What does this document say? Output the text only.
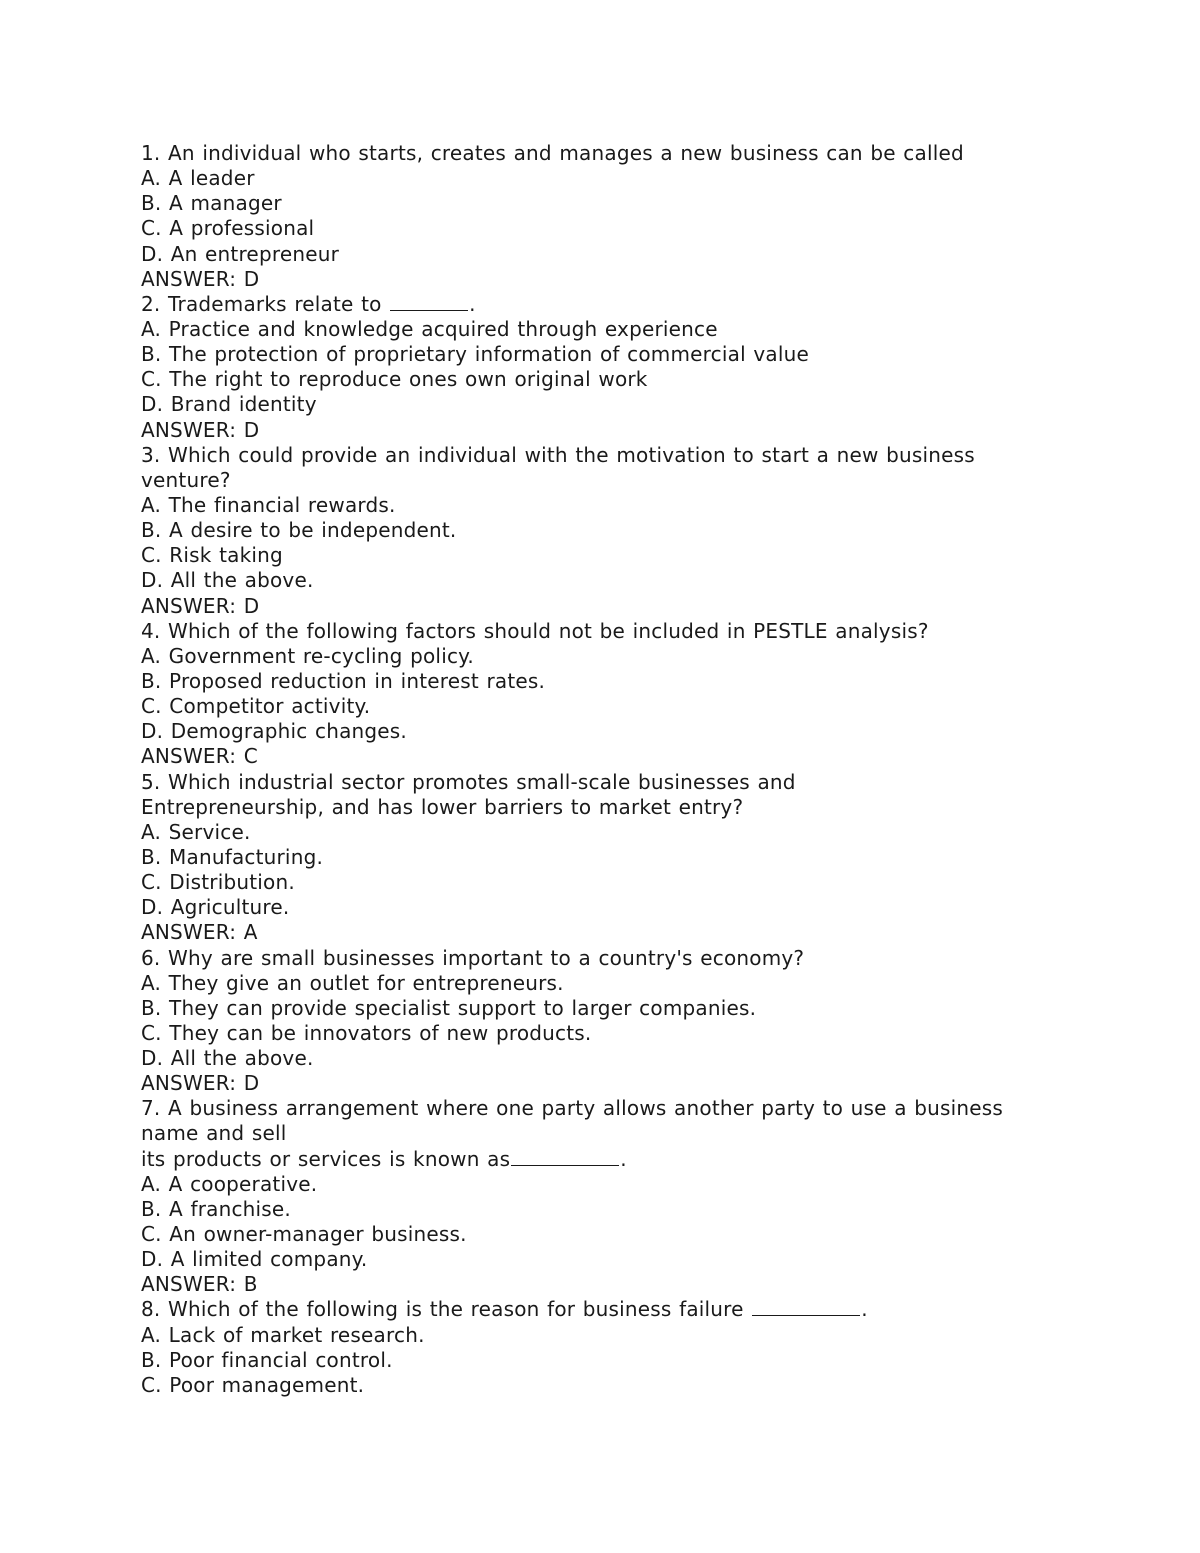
1. An individual who starts, creates and manages a new business can be called
A. A leader
B. A manager
C. A professional
D. An entrepreneur
ANSWER: D
2. Trademarks relate to	.
A. Practice and knowledge acquired through experience
B. The protection of proprietary information of commercial value
C. The right to reproduce ones own original work
D. Brand identity
ANSWER: D
3. Which could provide an individual with the motivation to start a new business
venture?
A. The financial rewards.
B. A desire to be independent.
C. Risk taking
D. All the above.
ANSWER: D
4. Which of the following factors should not be included in PESTLE analysis?
A. Government re-cycling policy.
B. Proposed reduction in interest rates.
C. Competitor activity.
D. Demographic changes.
ANSWER: C
5. Which industrial sector promotes small-scale businesses and
Entrepreneurship, and has lower barriers to market entry?
A. Service.
B. Manufacturing.
C. Distribution.
D. Agriculture.
ANSWER: A
6. Why are small businesses important to a country's economy?
A. They give an outlet for entrepreneurs.
B. They can provide specialist support to larger companies.
C. They can be innovators of new products.
D. All the above.
ANSWER: D
7. A business arrangement where one party allows another party to use a business
name and sell
its products or services is known as	.
A. A cooperative.
B. A franchise.
C. An owner-manager business.
D. A limited company.
ANSWER: B
8. Which of the following is the reason for business failure	.
A. Lack of market research.
B. Poor financial control.
C. Poor management.
